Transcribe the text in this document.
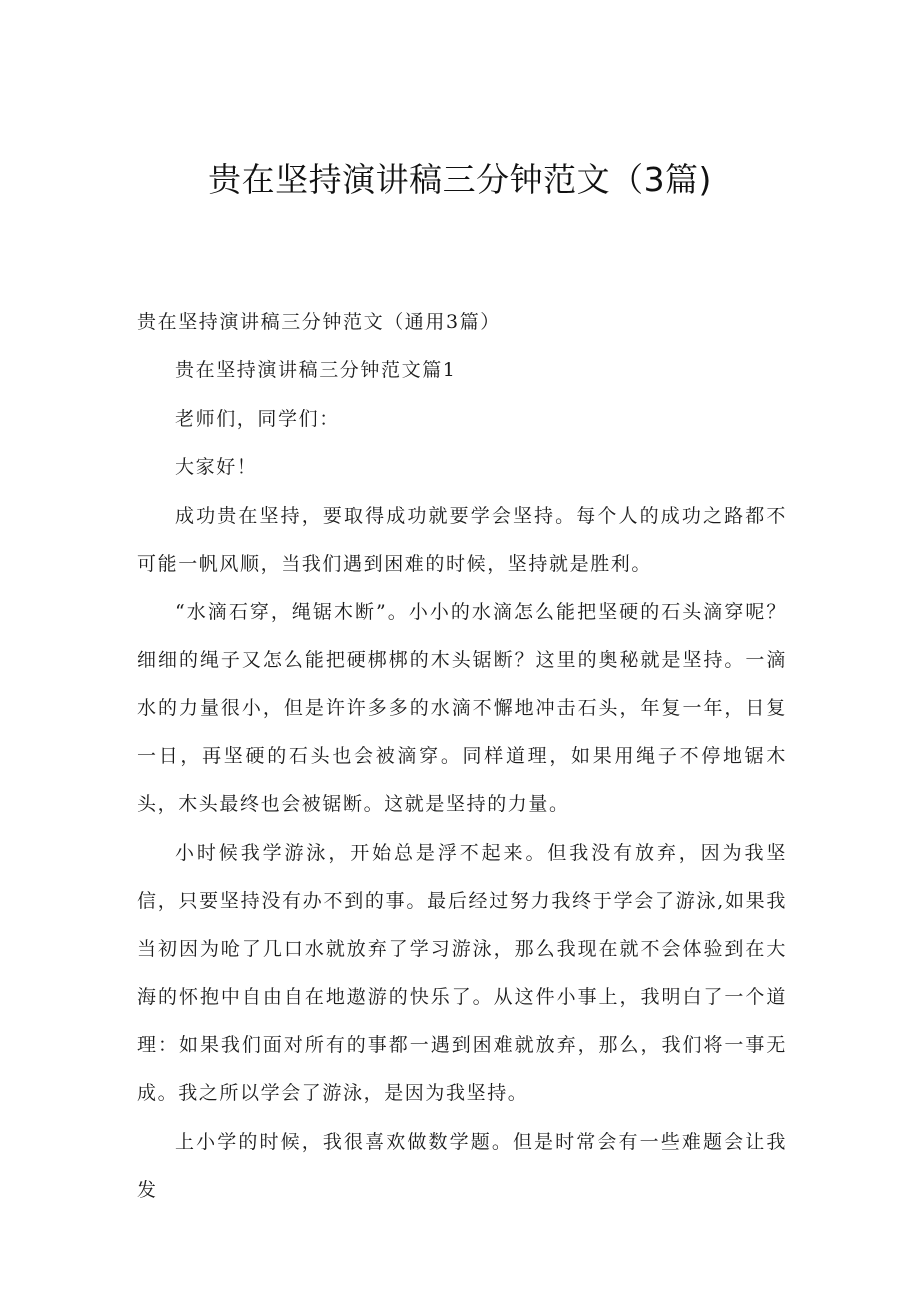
贵在坚持演讲稿三分钟范文（3篇)
贵在坚持演讲稿三分钟范文（通用3篇）
贵在坚持演讲稿三分钟范文篇1
老师们，同学们：
大家好！
成功贵在坚持，要取得成功就要学会坚持。每个人的成功之路都不可能一帆风顺，当我们遇到困难的时候，坚持就是胜利。
“水滴石穿，绳锯木断”。小小的水滴怎么能把坚硬的石头滴穿呢？细细的绳子又怎么能把硬梆梆的木头锯断？这里的奥秘就是坚持。一滴水的力量很小，但是许许多多的水滴不懈地冲击石头，年复一年，日复一日，再坚硬的石头也会被滴穿。同样道理，如果用绳子不停地锯木头，木头最终也会被锯断。这就是坚持的力量。
小时候我学游泳，开始总是浮不起来。但我没有放弃，因为我坚信，只要坚持没有办不到的事。最后经过努力我终于学会了游泳,如果我当初因为呛了几口水就放弃了学习游泳，那么我现在就不会体验到在大海的怀抱中自由自在地遨游的快乐了。从这件小事上，我明白了一个道理：如果我们面对所有的事都一遇到困难就放弃，那么，我们将一事无成。我之所以学会了游泳，是因为我坚持。
上小学的时候，我很喜欢做数学题。但是时常会有一些难题会让我发
